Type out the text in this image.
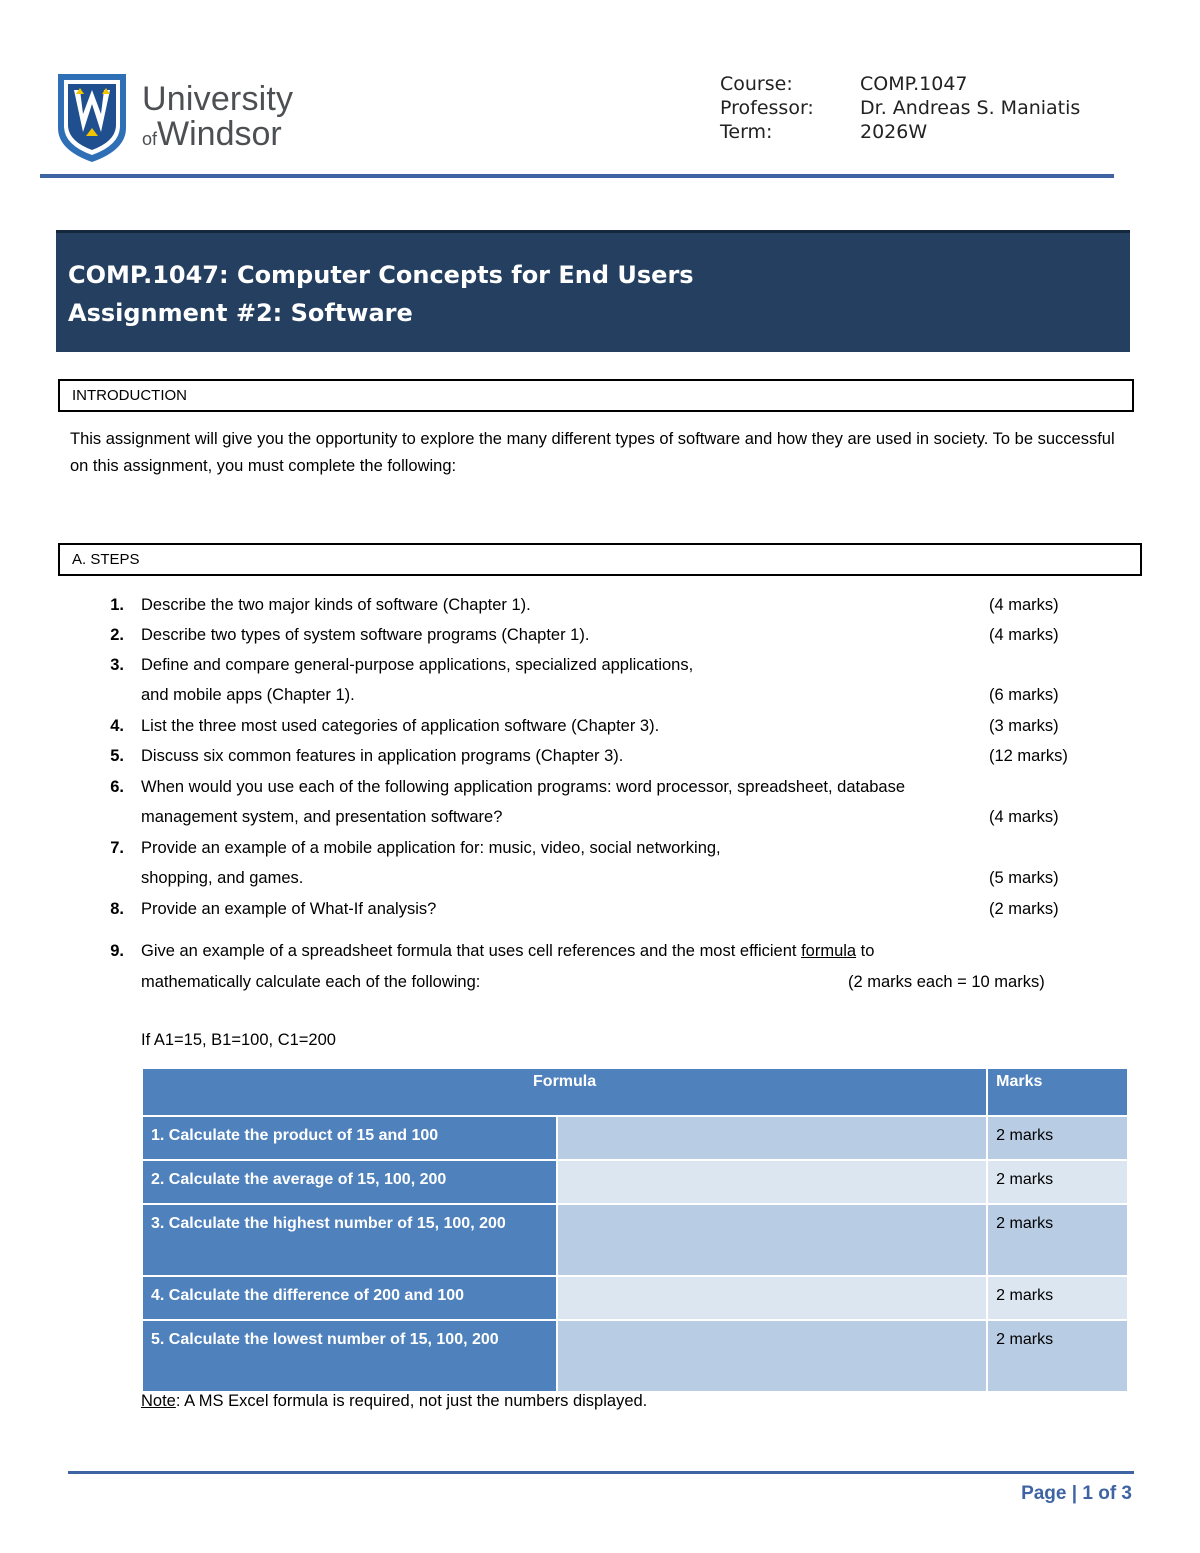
University
ofWindsor
Course:	COMP.1047
Professor:	Dr. Andreas S. Maniatis
Term:	2026W
COMP.1047: Computer Concepts for End Users
Assignment #2: Software
INTRODUCTION
This assignment will give you the opportunity to explore the many different types of software and how they are used in society. To be successful on this assignment, you must complete the following:
A. STEPS
1. Describe the two major kinds of software (Chapter 1).	(4 marks)
2. Describe two types of system software programs (Chapter 1).	(4 marks)
3. Define and compare general-purpose applications, specialized applications,
and mobile apps (Chapter 1).	(6 marks)
4. List the three most used categories of application software (Chapter 3).	(3 marks)
5. Discuss six common features in application programs (Chapter 3).	(12 marks)
6. When would you use each of the following application programs: word processor, spreadsheet, database
management system, and presentation software?	(4 marks)
7. Provide an example of a mobile application for: music, video, social networking,
shopping, and games.	(5 marks)
8. Provide an example of What-If analysis?	(2 marks)
9. Give an example of a spreadsheet formula that uses cell references and the most efficient formula to
mathematically calculate each of the following:	(2 marks each = 10 marks)
If A1=15, B1=100, C1=200
Formula		Marks
1. Calculate the product of 15 and 100		2 marks
2. Calculate the average of 15, 100, 200		2 marks
3. Calculate the highest number of 15, 100, 200		2 marks
4. Calculate the difference of 200 and 100		2 marks
5. Calculate the lowest number of 15, 100, 200		2 marks
Note: A MS Excel formula is required, not just the numbers displayed.
Page | 1 of 3
